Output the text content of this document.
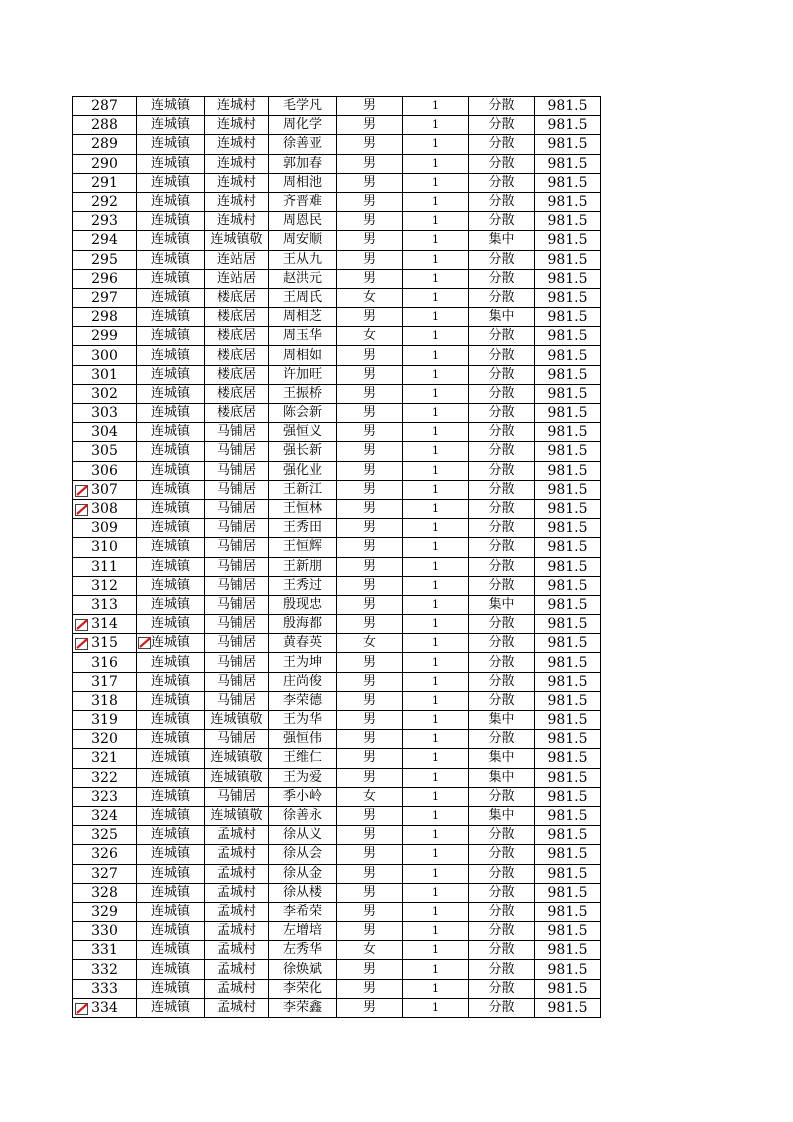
287	连城镇	连城村	毛学凡	男	1	分散	981.5
288	连城镇	连城村	周化学	男	1	分散	981.5
289	连城镇	连城村	徐善亚	男	1	分散	981.5
290	连城镇	连城村	郭加春	男	1	分散	981.5
291	连城镇	连城村	周相池	男	1	分散	981.5
292	连城镇	连城村	齐晋难	男	1	分散	981.5
293	连城镇	连城村	周恩民	男	1	分散	981.5
294	连城镇	连城镇敬	周安顺	男	1	集中	981.5
295	连城镇	连站居	王从九	男	1	分散	981.5
296	连城镇	连站居	赵洪元	男	1	分散	981.5
297	连城镇	楼底居	王周氏	女	1	分散	981.5
298	连城镇	楼底居	周相芝	男	1	集中	981.5
299	连城镇	楼底居	周玉华	女	1	分散	981.5
300	连城镇	楼底居	周相如	男	1	分散	981.5
301	连城镇	楼底居	许加旺	男	1	分散	981.5
302	连城镇	楼底居	王振桥	男	1	分散	981.5
303	连城镇	楼底居	陈会新	男	1	分散	981.5
304	连城镇	马铺居	强恒义	男	1	分散	981.5
305	连城镇	马铺居	强长新	男	1	分散	981.5
306	连城镇	马铺居	强化业	男	1	分散	981.5

307	连城镇	马铺居	王新江	男	1	分散	981.5

308	连城镇	马铺居	王恒林	男	1	分散	981.5
309	连城镇	马铺居	王秀田	男	1	分散	981.5
310	连城镇	马铺居	王恒辉	男	1	分散	981.5
311	连城镇	马铺居	王新朋	男	1	分散	981.5
312	连城镇	马铺居	王秀过	男	1	分散	981.5
313	连城镇	马铺居	殷现忠	男	1	集中	981.5

314	连城镇	马铺居	殷海都	男	1	分散	981.5

315	连城镇	马铺居	黄春英	女	1	分散	981.5
316	连城镇	马铺居	王为坤	男	1	分散	981.5
317	连城镇	马铺居	庄尚俊	男	1	分散	981.5
318	连城镇	马铺居	李荣德	男	1	分散	981.5
319	连城镇	连城镇敬	王为华	男	1	集中	981.5
320	连城镇	马铺居	强恒伟	男	1	分散	981.5
321	连城镇	连城镇敬	王维仁	男	1	集中	981.5
322	连城镇	连城镇敬	王为爱	男	1	集中	981.5
323	连城镇	马铺居	季小岭	女	1	分散	981.5
324	连城镇	连城镇敬	徐善永	男	1	集中	981.5
325	连城镇	孟城村	徐从义	男	1	分散	981.5
326	连城镇	孟城村	徐从会	男	1	分散	981.5
327	连城镇	孟城村	徐从金	男	1	分散	981.5
328	连城镇	孟城村	徐从楼	男	1	分散	981.5
329	连城镇	孟城村	李希荣	男	1	分散	981.5
330	连城镇	孟城村	左增培	男	1	分散	981.5
331	连城镇	孟城村	左秀华	女	1	分散	981.5
332	连城镇	孟城村	徐焕斌	男	1	分散	981.5
333	连城镇	孟城村	李荣化	男	1	分散	981.5

334	连城镇	孟城村	李荣鑫	男	1	分散	981.5
